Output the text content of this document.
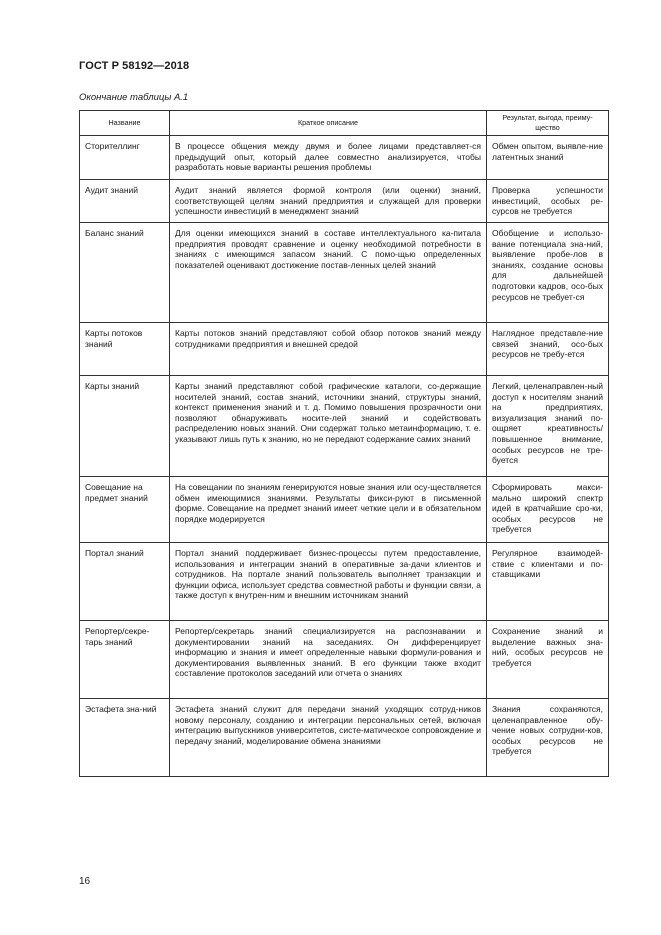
ГОСТ Р 58192—2018
Окончание таблицы А.1
Название	Краткое описание	Результат, выгода, преиму-щество
Сторителлинг	В процессе общения между двумя и более лицами представляет-ся предыдущий опыт, который далее совместно анализируется, чтобы разработать новые варианты решения проблемы	Обмен опытом, выявле-ние латентных знаний
Аудит знаний	Аудит знаний является формой контроля (или оценки) знаний, соответствующей целям знаний предприятия и служащей для проверки успешности инвестиций в менеджмент знаний	Проверка успешности инвестиций, особых ре-сурсов не требуется
Баланс знаний	Для оценки имеющихся знаний в составе интеллектуального ка-питала предприятия проводят сравнение и оценку необходимой потребности в знаниях с имеющимся запасом знаний. С помо-щью определенных показателей оценивают достижение постав-ленных целей знаний	Обобщение и использо-вание потенциала зна-ний, выявление пробе-лов в знаниях, создание основы для дальнейшей подготовки кадров, осо-бых ресурсов не требует-ся
Карты потоков знаний	Карты потоков знаний представляют собой обзор потоков знаний между сотрудниками предприятия и внешней средой	Наглядное представле-ние связей знаний, осо-бых ресурсов не требу-ется
Карты знаний	Карты знаний представляют собой графические каталоги, со-держащие носителей знаний, состав знаний, источники знаний, структуры знаний, контекст применения знаний и т. д. Помимо повышения прозрачности они позволяют обнаруживать носите-лей знаний и содействовать распределению новых знаний. Они содержат только метаинформацию, т. е. указывают лишь путь к знанию, но не передают содержание самих знаний	Легкий, целенаправлен-ный доступ к носителям знаний на предприятиях, визуализация знаний по-ощряет креативность/ повышенное внимание, особых ресурсов не тре-буется
Совещание на предмет знаний	На совещании по знаниям генерируются новые знания или осу-ществляется обмен имеющимися знаниями. Результаты фикси-руют в письменной форме. Совещание на предмет знаний имеет четкие цели и в обязательном порядке модерируется	Сформировать макси-мально широкий спектр идей в кратчайшие сро-ки, особых ресурсов не требуется
Портал знаний	Портал знаний поддерживает бизнес-процессы путем предоставление, использования и интеграции знаний в оперативные за-дачи клиентов и сотрудников. На портале знаний пользователь выполняет транзакции и функции офиса, использует средства совместной работы и функции связи, а также доступ к внутрен-ним и внешним источникам знаний	Регулярное взаимодей-ствие с клиентами и по-ставщиками
Репортер/секре-тарь знаний	Репортер/секретарь знаний специализируется на распознавании и документировании знаний на заседаниях. Он дифференцирует информацию и знания и имеет определенные навыки формули-рования и документирования выявленных знаний. В его функции также входит составление протоколов заседаний или отчета о знаниях	Сохранение знаний и выделение важных зна-ний, особых ресурсов не требуется
Эстафета зна-ний	Эстафета знаний служит для передачи знаний уходящих сотруд-ников новому персоналу, созданию и интеграции персональных сетей, включая интеграцию выпускников университетов, систе-матическое сопровождение и передачу знаний, моделирование обмена знаниями	Знания сохраняются, целенаправленное обу-чение новых сотрудни-ков, особых ресурсов не требуется
16
